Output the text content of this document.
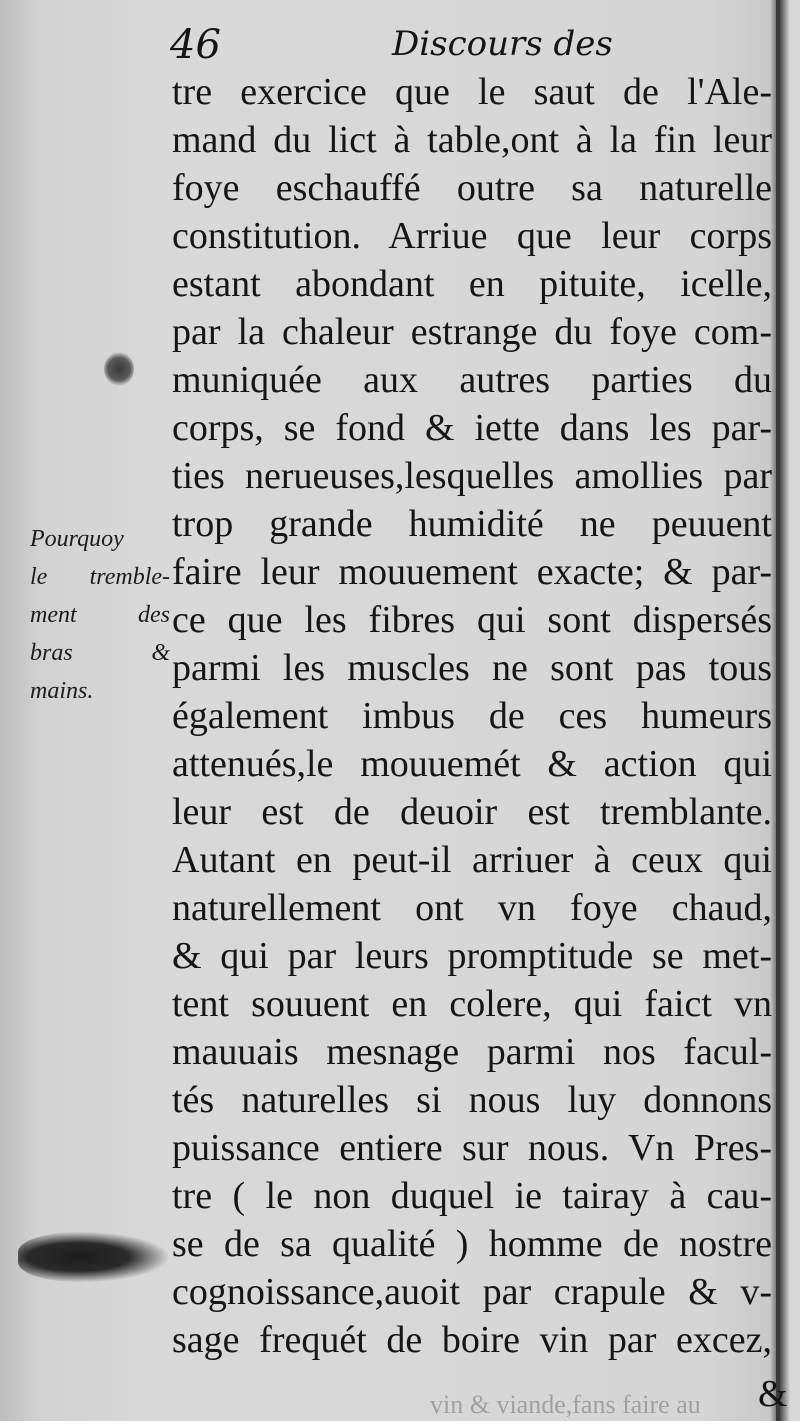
46	Discours des
Pourquoy
le tremble-
ment des
bras &
mains.
tre exercice que le saut de l'Ale-
mand du lict à table,ont à la fin leur
foye eschauffé outre sa naturelle
constitution. Arriue que leur corps
estant abondant en pituite, icelle,
par la chaleur estrange du foye com-
muniquée aux autres parties du
corps, se fond & iette dans les par-
ties nerueuses,lesquelles amollies par
trop grande humidité ne peuuent
faire leur mouuement exacte; & par-
ce que les fibres qui sont dispersés
parmi les muscles ne sont pas tous
également imbus de ces humeurs
attenués,le mouuemét & action qui
leur est de deuoir est tremblante.
Autant en peut-il arriuer à ceux qui
naturellement ont vn foye chaud,
& qui par leurs promptitude se met-
tent souuent en colere, qui faict vn
mauuais mesnage parmi nos facul-
tés naturelles si nous luy donnons
puissance entiere sur nous. Vn Pres-
tre ( le non duquel ie tairay à cau-
se de sa qualité ) homme de nostre
cognoissance,auoit par crapule & v-
sage frequét de boire vin par excez,
vin & viande,fans faire au	&
